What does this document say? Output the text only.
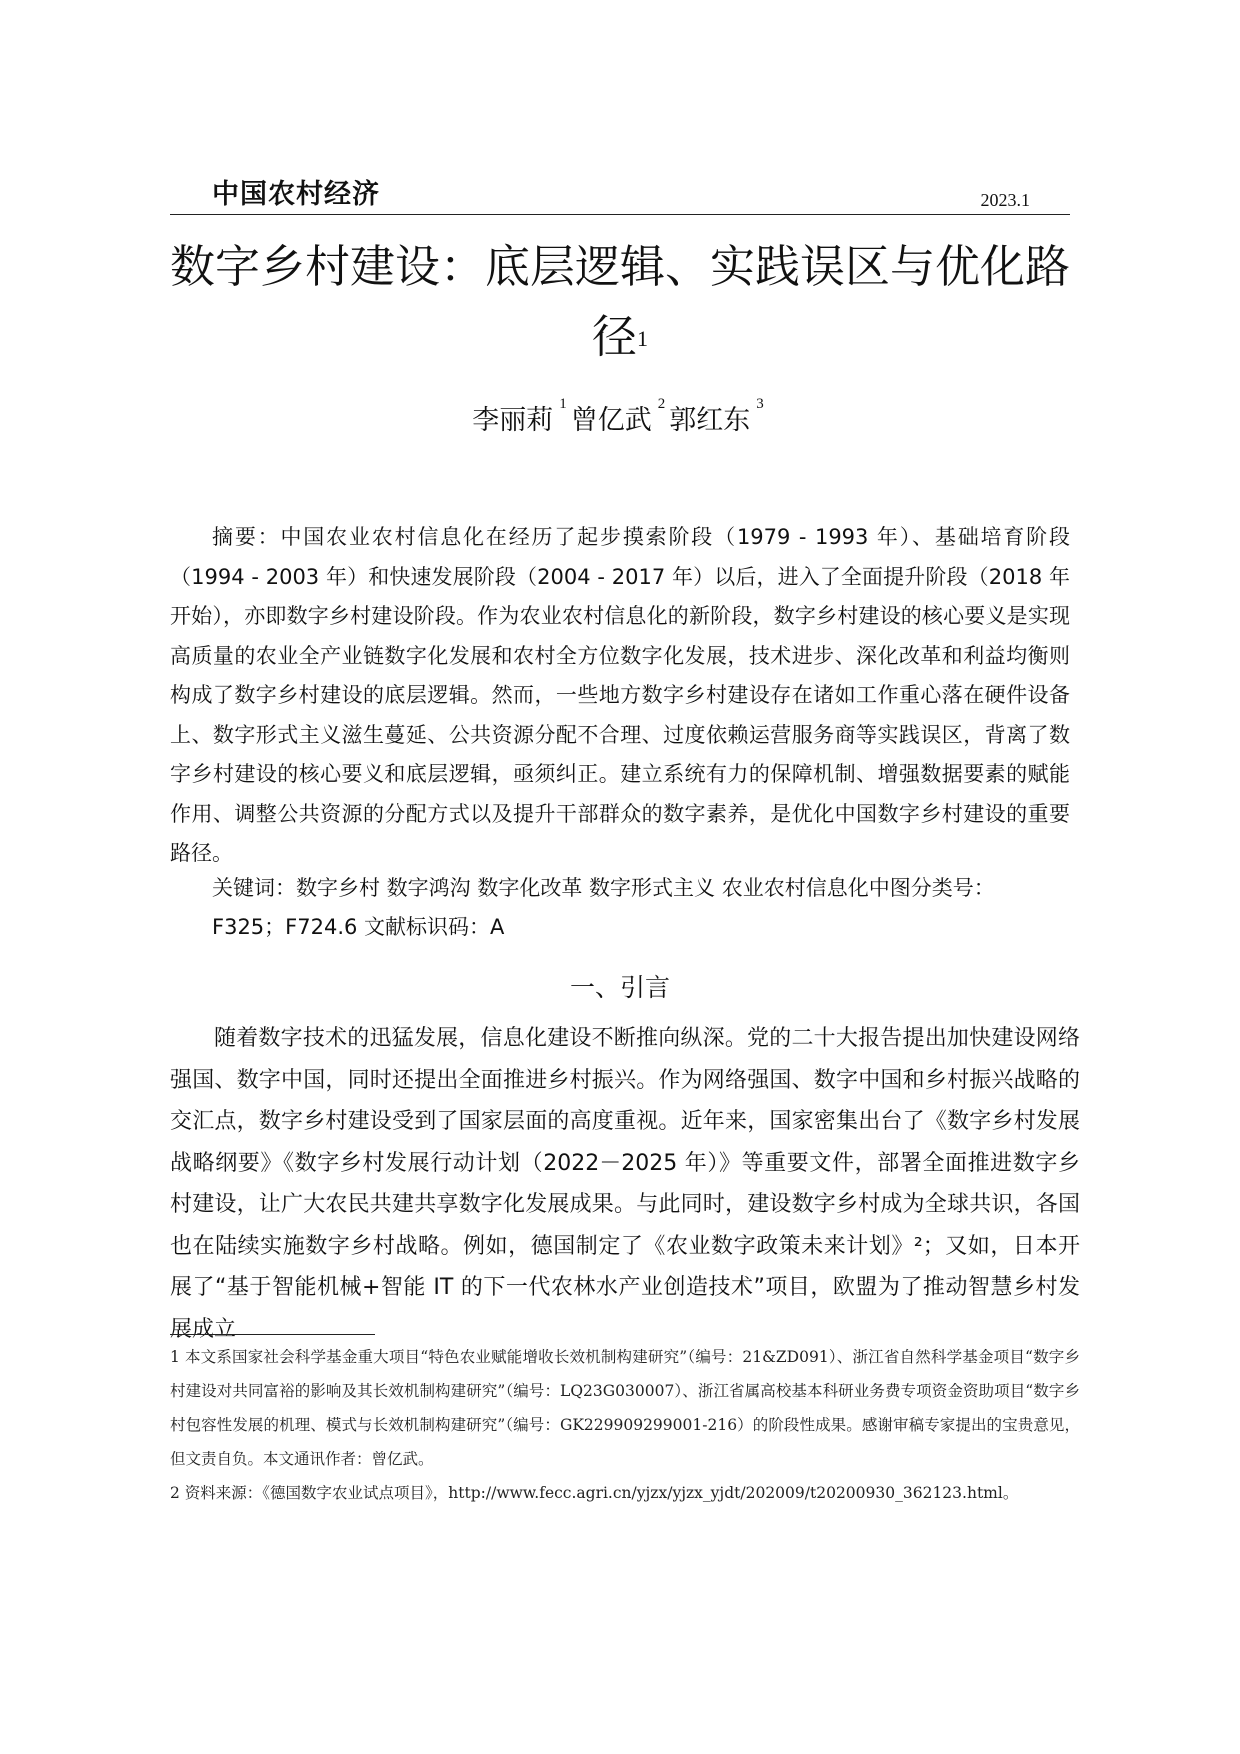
中国农村经济	2023.1
数字乡村建设：底层逻辑、实践误区与优化路径$^1$
李丽莉$^1$曾亿武$^2$郭红东$^3$

摘要：中国农业农村信息化在经历了起步摸索阶段（1979 - 1993 年）、基础培育阶段（1994 - 2003 年）和快速发展阶段（2004 - 2017 年）以后，进入了全面提升阶段（2018 年开始），亦即数字乡村建设阶段。作为农业农村信息化的新阶段，数字乡村建设的核心要义是实现高质量的农业全产业链数字化发展和农村全方位数字化发展，技术进步、深化改革和利益均衡则构成了数字乡村建设的底层逻辑。然而，一些地方数字乡村建设存在诸如工作重心落在硬件设备上、数字形式主义滋生蔓延、公共资源分配不合理、过度依赖运营服务商等实践误区，背离了数字乡村建设的核心要义和底层逻辑，亟须纠正。建立系统有力的保障机制、增强数据要素的赋能作用、调整公共资源的分配方式以及提升干部群众的数字素养，是优化中国数字乡村建设的重要路径。

关键词：数字乡村 数字鸿沟 数字化改革 数字形式主义 农业农村信息化中图分类号：
F325；F724.6 文献标识码：A
一、引言

随着数字技术的迅猛发展，信息化建设不断推向纵深。党的二十大报告提出加快建设网络强国、数字中国，同时还提出全面推进乡村振兴。作为网络强国、数字中国和乡村振兴战略的交汇点，数字乡村建设受到了国家层面的高度重视。近年来，国家密集出台了《数字乡村发展战略纲要》《数字乡村发展行动计划（2022－2025 年）》等重要文件，部署全面推进数字乡村建设，让广大农民共建共享数字化发展成果。与此同时，建设数字乡村成为全球共识，各国也在陆续实施数字乡村战略。例如，德国制定了《农业数字政策未来计划》²；又如，日本开展了“基于智能机械+智能 IT 的下一代农林水产业创造技术”项目，欧盟为了推动智慧乡村发展成立

1 本文系国家社会科学基金重大项目“特色农业赋能增收长效机制构建研究”（编号：21&ZD091）、浙江省自然科学基金项目“数字乡村建设对共同富裕的影响及其长效机制构建研究”（编号：LQ23G030007）、浙江省属高校基本科研业务费专项资金资助项目“数字乡村包容性发展的机理、模式与长效机制构建研究”（编号：GK229909299001-216）的阶段性成果。感谢审稿专家提出的宝贵意见，但文责自负。本文通讯作者：曾亿武。

2 资料来源：《德国数字农业试点项目》，http://www.fecc.agri.cn/yjzx/yjzx_yjdt/202009/t20200930_362123.html。
